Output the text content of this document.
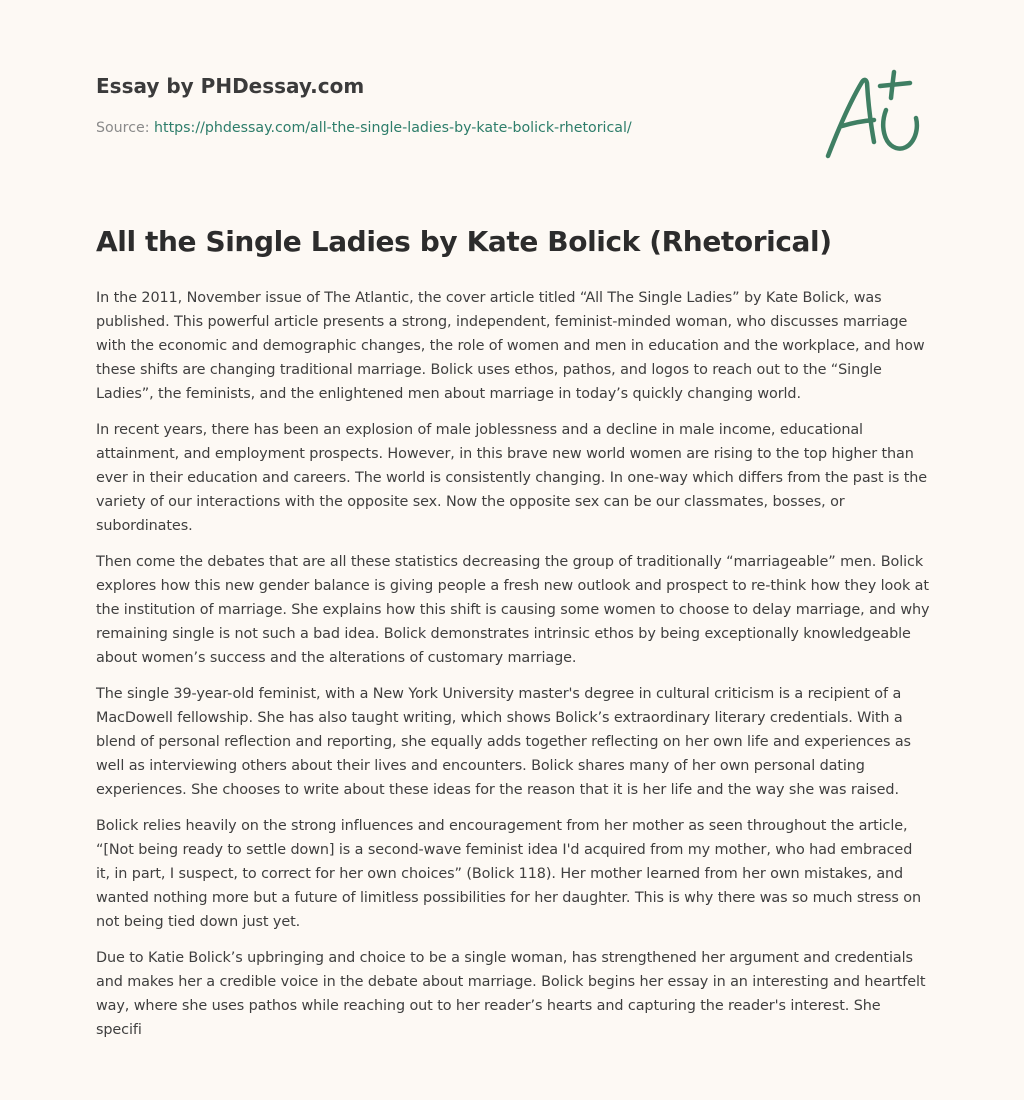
Essay by PHDessay.com
Source: https://phdessay.com/all-the-single-ladies-by-kate-bolick-rhetorical/
All the Single Ladies by Kate Bolick (Rhetorical)

In the 2011, November issue of The Atlantic, the cover article titled “All The Single Ladies” by Kate Bolick, was published. This powerful article presents a strong, independent, feminist-minded woman, who discusses marriage with the economic and demographic changes, the role of women and men in education and the workplace, and how these shifts are changing traditional marriage. Bolick uses ethos, pathos, and logos to reach out to the “Single Ladies”, the feminists, and the enlightened men about marriage in today’s quickly changing world.

In recent years, there has been an explosion of male joblessness and a decline in male income, educational attainment, and employment prospects. However, in this brave new world women are rising to the top higher than ever in their education and careers. The world is consistently changing. In one-way which differs from the past is the variety of our interactions with the opposite sex. Now the opposite sex can be our classmates, bosses, or subordinates.

Then come the debates that are all these statistics decreasing the group of traditionally “marriageable” men. Bolick explores how this new gender balance is giving people a fresh new outlook and prospect to re-think how they look at the institution of marriage. She explains how this shift is causing some women to choose to delay marriage, and why remaining single is not such a bad idea. Bolick demonstrates intrinsic ethos by being exceptionally knowledgeable about women’s success and the alterations of customary marriage.

The single 39-year-old feminist, with a New York University master's degree in cultural criticism is a recipient of a MacDowell fellowship. She has also taught writing, which shows Bolick’s extraordinary literary credentials. With a blend of personal reflection and reporting, she equally adds together reflecting on her own life and experiences as well as interviewing others about their lives and encounters. Bolick shares many of her own personal dating experiences. She chooses to write about these ideas for the reason that it is her life and the way she was raised.

Bolick relies heavily on the strong influences and encouragement from her mother as seen throughout the article, “[Not being ready to settle down] is a second-wave feminist idea I'd acquired from my mother, who had embraced it, in part, I suspect, to correct for her own choices” (Bolick 118). Her mother learned from her own mistakes, and wanted nothing more but a future of limitless possibilities for her daughter. This is why there was so much stress on not being tied down just yet.

Due to Katie Bolick’s upbringing and choice to be a single woman, has strengthened her argument and credentials and makes her a credible voice in the debate about marriage. Bolick begins her essay in an interesting and heartfelt way, where she uses pathos while reaching out to her reader’s hearts and capturing the reader's interest. She specifi
